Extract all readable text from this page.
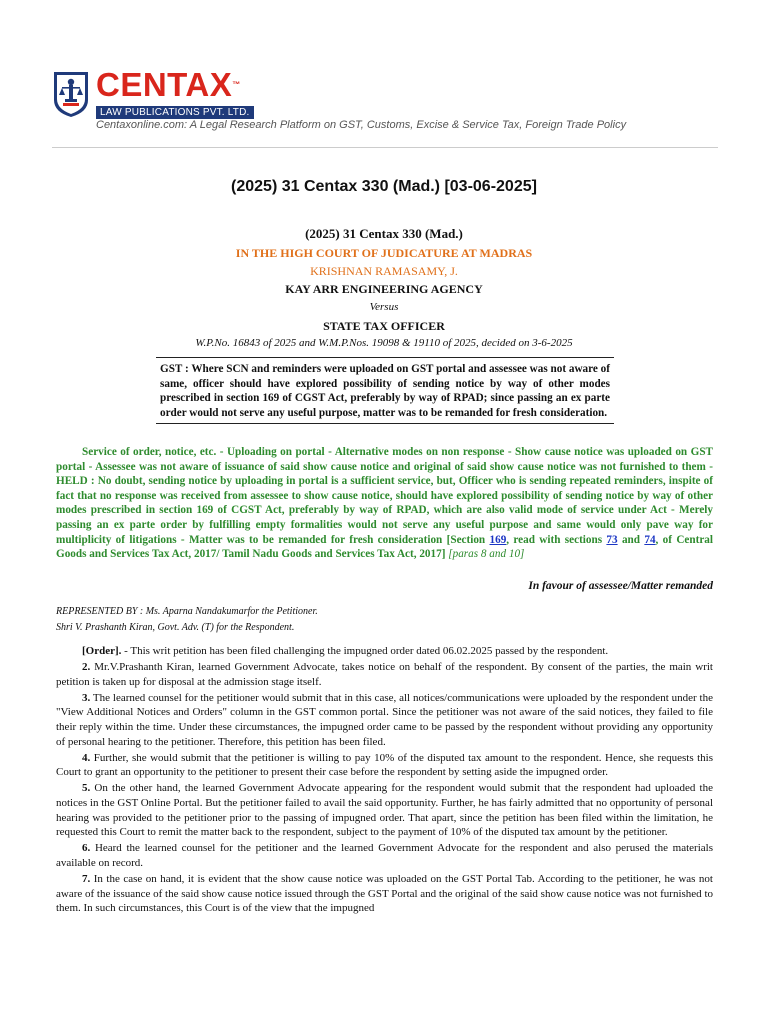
CENTAX™
LAW PUBLICATIONS PVT. LTD.
Centaxonline.com: A Legal Research Platform on GST, Customs, Excise & Service Tax, Foreign Trade Policy
(2025) 31 Centax 330 (Mad.) [03-06-2025]
(2025) 31 Centax 330 (Mad.)
IN THE HIGH COURT OF JUDICATURE AT MADRAS
KRISHNAN RAMASAMY, J.
KAY ARR ENGINEERING AGENCY
Versus
STATE TAX OFFICER
W.P.No. 16843 of 2025 and W.M.P.Nos. 19098 & 19110 of 2025, decided on 3-6-2025

GST : Where SCN and reminders were uploaded on GST portal and assessee was not aware of same, officer should have explored possibility of sending notice by way of other modes prescribed in section 169 of CGST Act, preferably by way of RPAD; since passing an ex parte order would not serve any useful purpose, matter was to be remanded for fresh consideration.

Service of order, notice, etc. - Uploading on portal - Alternative modes on non response - Show cause notice was uploaded on GST portal - Assessee was not aware of issuance of said show cause notice and original of said show cause notice was not furnished to them - HELD : No doubt, sending notice by uploading in portal is a sufficient service, but, Officer who is sending repeated reminders, inspite of fact that no response was received from assessee to show cause notice, should have explored possibility of sending notice by way of other modes prescribed in section 169 of CGST Act, preferably by way of RPAD, which are also valid mode of service under Act - Merely passing an ex parte order by fulfilling empty formalities would not serve any useful purpose and same would only pave way for multiplicity of litigations - Matter was to be remanded for fresh consideration [Section 169, read with sections 73 and 74, of Central Goods and Services Tax Act, 2017/ Tamil Nadu Goods and Services Tax Act, 2017] [paras 8 and 10]

In favour of assessee/Matter remanded
REPRESENTED BY : Ms. Aparna Nandakumarfor the Petitioner.
Shri V. Prashanth Kiran, Govt. Adv. (T) for the Respondent.

[Order]. - This writ petition has been filed challenging the impugned order dated 06.02.2025 passed by the respondent.

2. Mr.V.Prashanth Kiran, learned Government Advocate, takes notice on behalf of the respondent. By consent of the parties, the main writ petition is taken up for disposal at the admission stage itself.

3. The learned counsel for the petitioner would submit that in this case, all notices/communications were uploaded by the respondent under the "View Additional Notices and Orders" column in the GST common portal. Since the petitioner was not aware of the said notices, they failed to file their reply within the time. Under these circumstances, the impugned order came to be passed by the respondent without providing any opportunity of personal hearing to the petitioner. Therefore, this petition has been filed.

4. Further, she would submit that the petitioner is willing to pay 10% of the disputed tax amount to the respondent. Hence, she requests this Court to grant an opportunity to the petitioner to present their case before the respondent by setting aside the impugned order.

5. On the other hand, the learned Government Advocate appearing for the respondent would submit that the respondent had uploaded the notices in the GST Online Portal. But the petitioner failed to avail the said opportunity. Further, he has fairly admitted that no opportunity of personal hearing was provided to the petitioner prior to the passing of impugned order. That apart, since the petition has been filed within the limitation, he requested this Court to remit the matter back to the respondent, subject to the payment of 10% of the disputed tax amount by the petitioner.

6. Heard the learned counsel for the petitioner and the learned Government Advocate for the respondent and also perused the materials available on record.

7. In the case on hand, it is evident that the show cause notice was uploaded on the GST Portal Tab. According to the petitioner, he was not aware of the issuance of the said show cause notice issued through the GST Portal and the original of the said show cause notice was not furnished to them. In such circumstances, this Court is of the view that the impugned
